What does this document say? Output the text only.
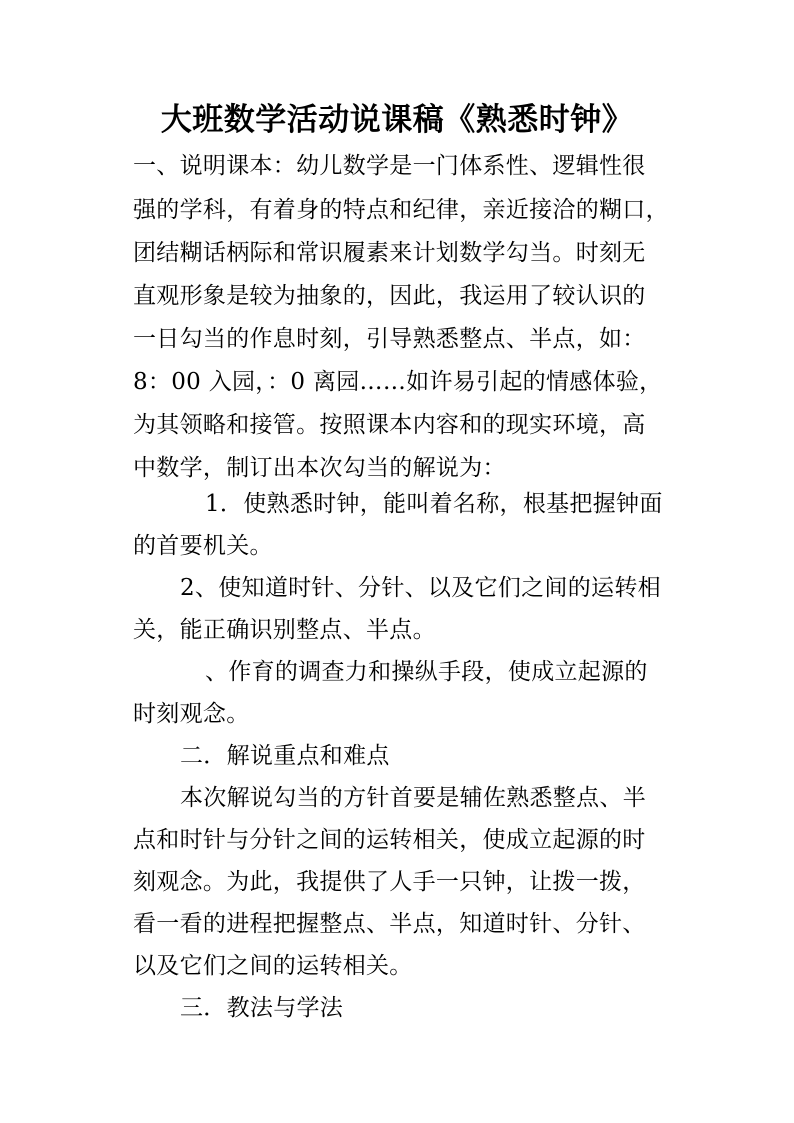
大班数学活动说课稿《熟悉时钟》
一、说明课本：幼儿数学是一门体系性、逻辑性很
强的学科，有着身的特点和纪律，亲近接洽的糊口，
团结糊话柄际和常识履素来计划数学勾当。时刻无
直观形象是较为抽象的，因此，我运用了较认识的
一日勾当的作息时刻，引导熟悉整点、半点，如：
8：00 入园，：0 离园……如许易引起的情感体验，
为其领略和接管。按照课本内容和的现实环境，高
中数学，制订出本次勾当的解说为：
1．使熟悉时钟，能叫着名称，根基把握钟面
的首要机关。
2、使知道时针、分针、以及它们之间的运转相
关，能正确识别整点、半点。
、作育的调查力和操纵手段，使成立起源的
时刻观念。
二．解说重点和难点
本次解说勾当的方针首要是辅佐熟悉整点、半
点和时针与分针之间的运转相关，使成立起源的时
刻观念。为此，我提供了人手一只钟，让拨一拨，
看一看的进程把握整点、半点，知道时针、分针、
以及它们之间的运转相关。
三．教法与学法
